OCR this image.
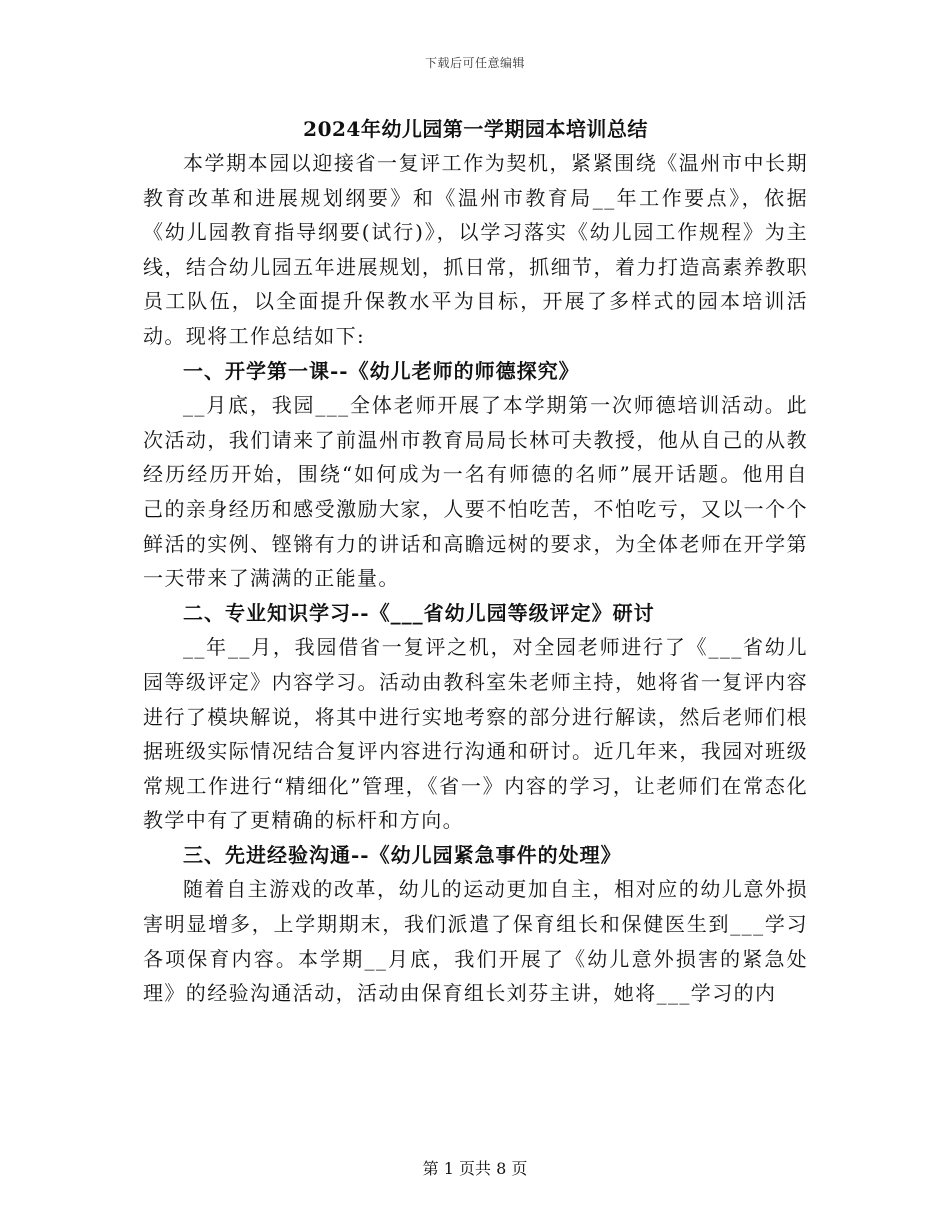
下载后可任意编辑
2024年幼儿园第一学期园本培训总结

本学期本园以迎接省一复评工作为契机，紧紧围绕《温州市中长期教育改革和进展规划纲要》和《温州市教育局__年工作要点》，依据《幼儿园教育指导纲要(试行)》，以学习落实《幼儿园工作规程》为主线，结合幼儿园五年进展规划，抓日常，抓细节，着力打造高素养教职员工队伍，以全面提升保教水平为目标，开展了多样式的园本培训活动。现将工作总结如下:

一、开学第一课--《幼儿老师的师德探究》

__月底，我园___全体老师开展了本学期第一次师德培训活动。此次活动，我们请来了前温州市教育局局长林可夫教授，他从自己的从教经历经历开始，围绕“如何成为一名有师德的名师”展开话题。他用自己的亲身经历和感受激励大家，人要不怕吃苦，不怕吃亏，又以一个个鲜活的实例、铿锵有力的讲话和高瞻远树的要求，为全体老师在开学第一天带来了满满的正能量。

二、专业知识学习--《___省幼儿园等级评定》研讨

__年__月，我园借省一复评之机，对全园老师进行了《___省幼儿园等级评定》内容学习。活动由教科室朱老师主持，她将省一复评内容进行了模块解说，将其中进行实地考察的部分进行解读，然后老师们根据班级实际情况结合复评内容进行沟通和研讨。近几年来，我园对班级常规工作进行“精细化”管理，《省一》内容的学习，让老师们在常态化教学中有了更精确的标杆和方向。

三、先进经验沟通--《幼儿园紧急事件的处理》

随着自主游戏的改革，幼儿的运动更加自主，相对应的幼儿意外损害明显增多，上学期期末，我们派遣了保育组长和保健医生到___学习各项保育内容。本学期__月底，我们开展了《幼儿意外损害的紧急处理》的经验沟通活动，活动由保育组长刘芬主讲，她将___学习的内

第 1 页共 8 页
